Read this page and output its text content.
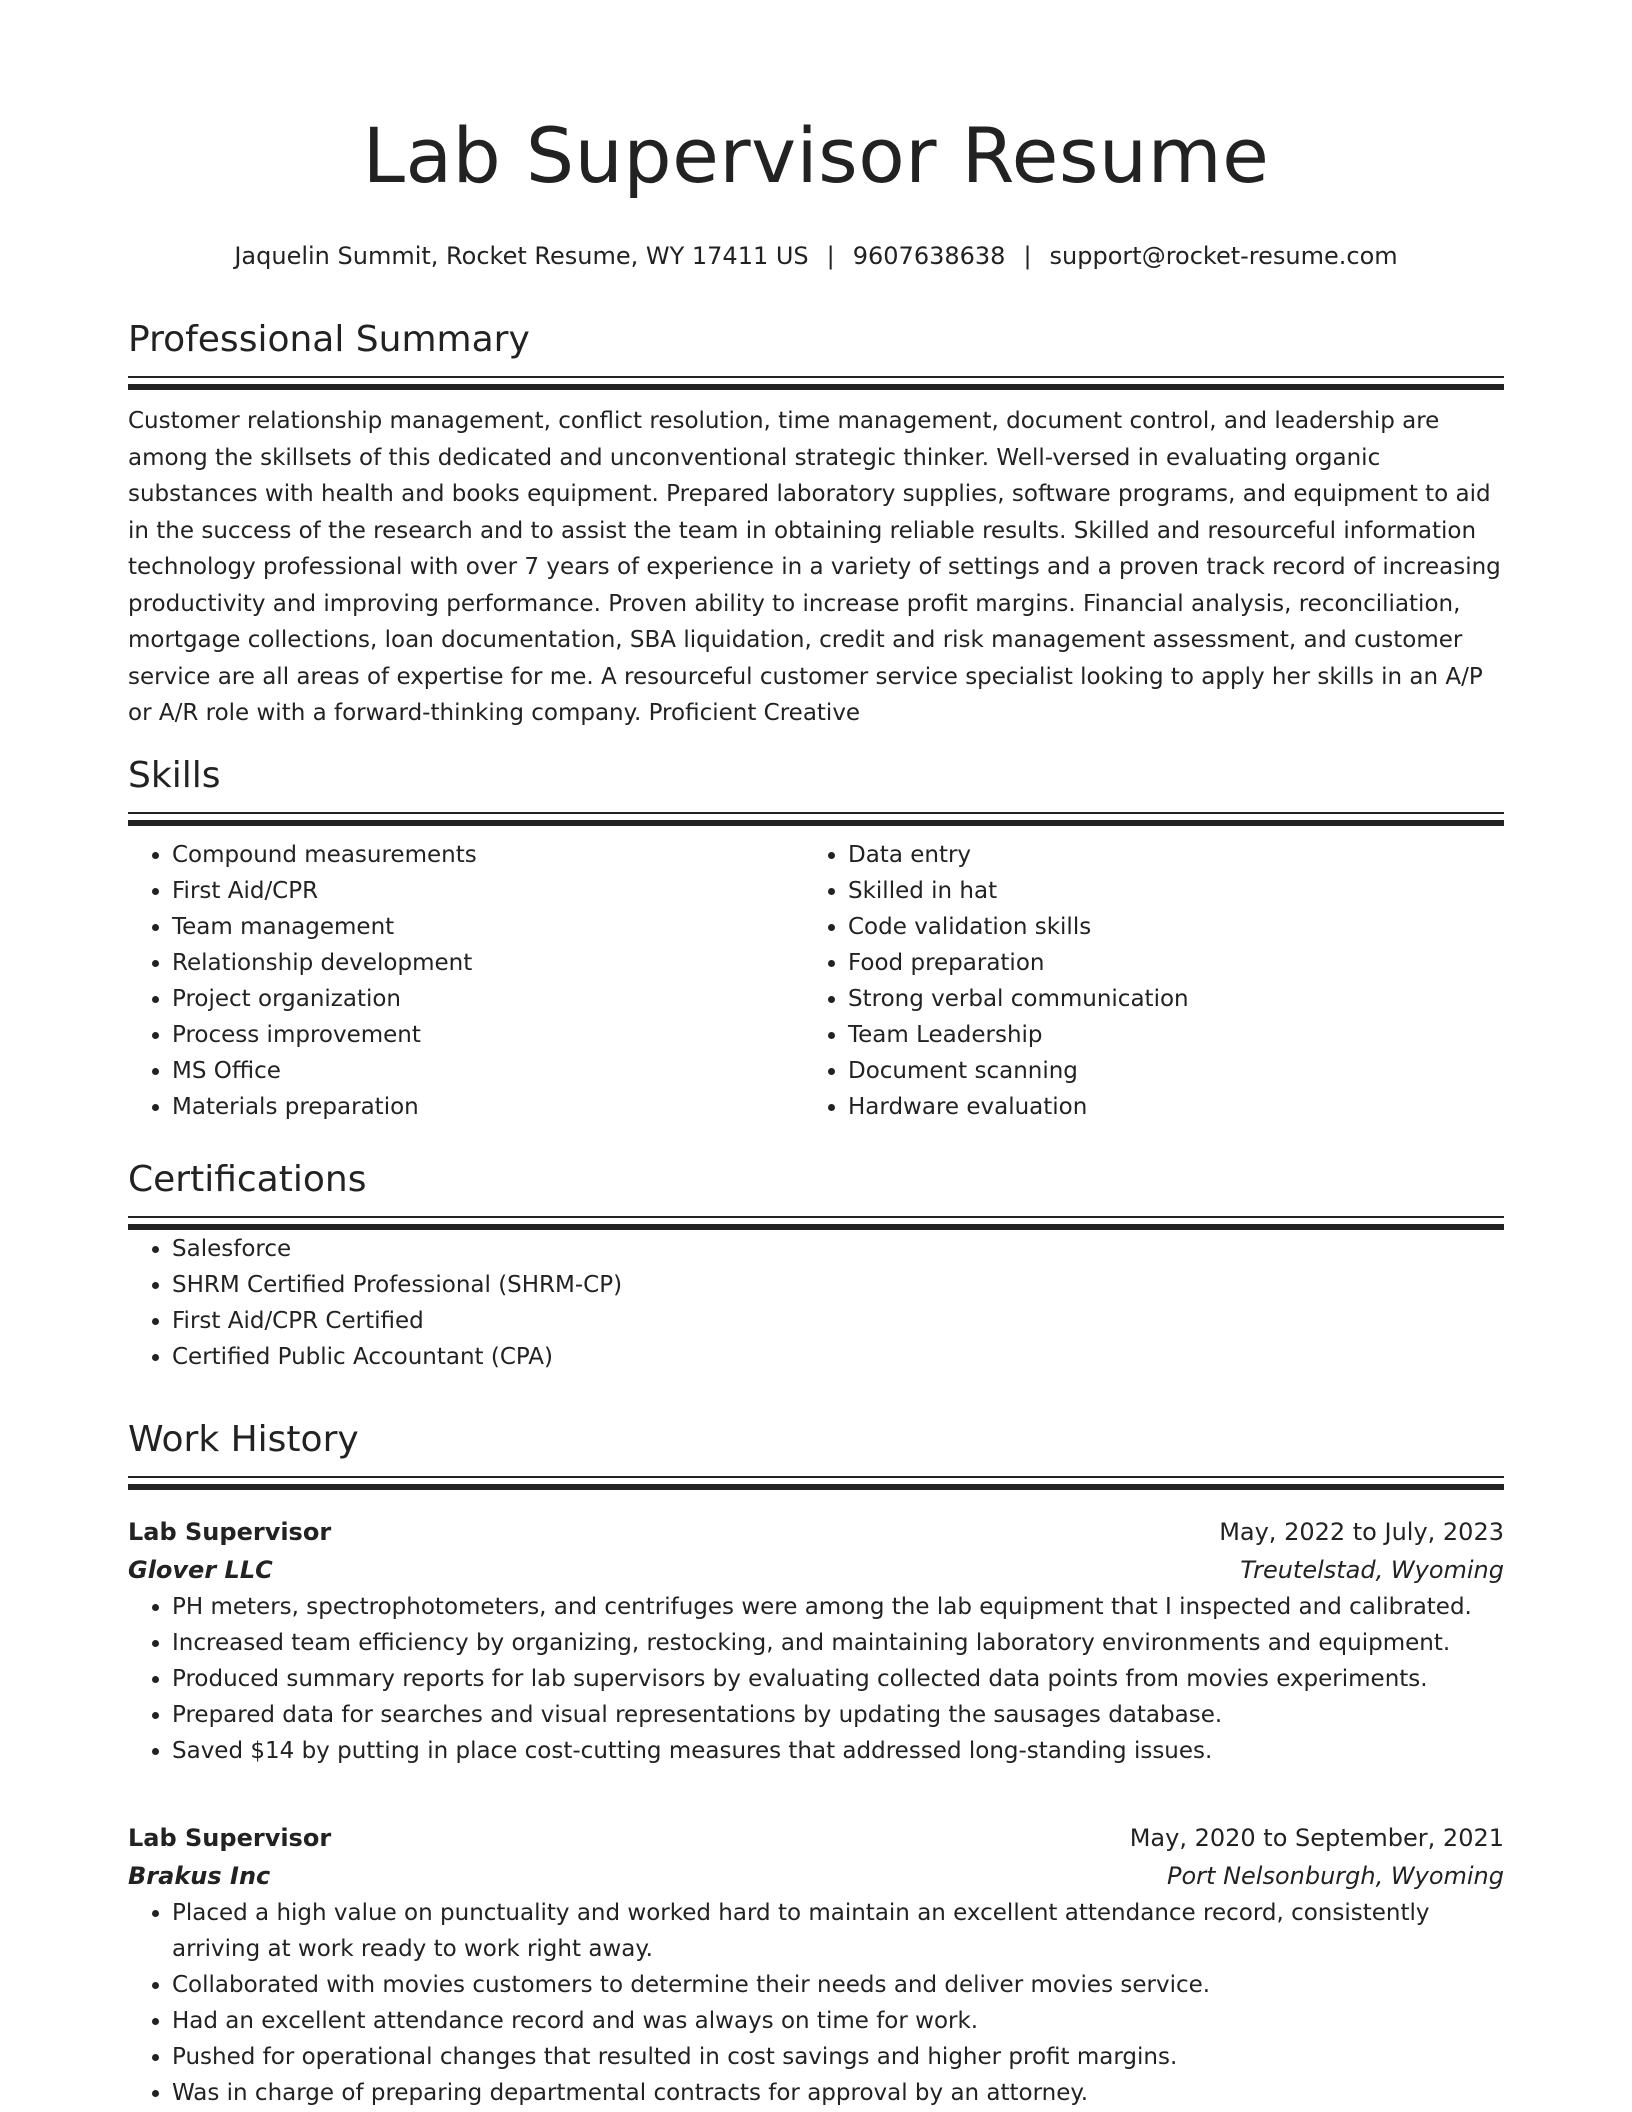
Lab Supervisor Resume
Jaquelin Summit, Rocket Resume, WY 17411 US | 9607638638 | support@rocket-resume.com
Professional Summary

Customer relationship management, conflict resolution, time management, document control, and leadership are among the skillsets of this dedicated and unconventional strategic thinker. Well-versed in evaluating organic substances with health and books equipment. Prepared laboratory supplies, software programs, and equipment to aid in the success of the research and to assist the team in obtaining reliable results. Skilled and resourceful information technology professional with over 7 years of experience in a variety of settings and a proven track record of increasing productivity and improving performance. Proven ability to increase profit margins. Financial analysis, reconciliation, mortgage collections, loan documentation, SBA liquidation, credit and risk management assessment, and customer service are all areas of expertise for me. A resourceful customer service specialist looking to apply her skills in an A/P or A/R role with a forward-thinking company. Proficient Creative

Skills
• Compound measurements
• First Aid/CPR
• Team management
• Relationship development
• Project organization
• Process improvement
• MS Office
• Materials preparation
• Data entry
• Skilled in hat
• Code validation skills
• Food preparation
• Strong verbal communication
• Team Leadership
• Document scanning
• Hardware evaluation
Certifications
• Salesforce
• SHRM Certified Professional (SHRM-CP)
• First Aid/CPR Certified
• Certified Public Accountant (CPA)
Work History
Lab Supervisor	May, 2022 to July, 2023
Glover LLC	Treutelstad, Wyoming
• PH meters, spectrophotometers, and centrifuges were among the lab equipment that I inspected and calibrated.
• Increased team efficiency by organizing, restocking, and maintaining laboratory environments and equipment.
• Produced summary reports for lab supervisors by evaluating collected data points from movies experiments.
• Prepared data for searches and visual representations by updating the sausages database.
• Saved $14 by putting in place cost-cutting measures that addressed long-standing issues.
Lab Supervisor	May, 2020 to September, 2021
Brakus Inc	Port Nelsonburgh, Wyoming
• Placed a high value on punctuality and worked hard to maintain an excellent attendance record, consistently arriving at work ready to work right away.
• Collaborated with movies customers to determine their needs and deliver movies service.
• Had an excellent attendance record and was always on time for work.
• Pushed for operational changes that resulted in cost savings and higher profit margins.
• Was in charge of preparing departmental contracts for approval by an attorney.
